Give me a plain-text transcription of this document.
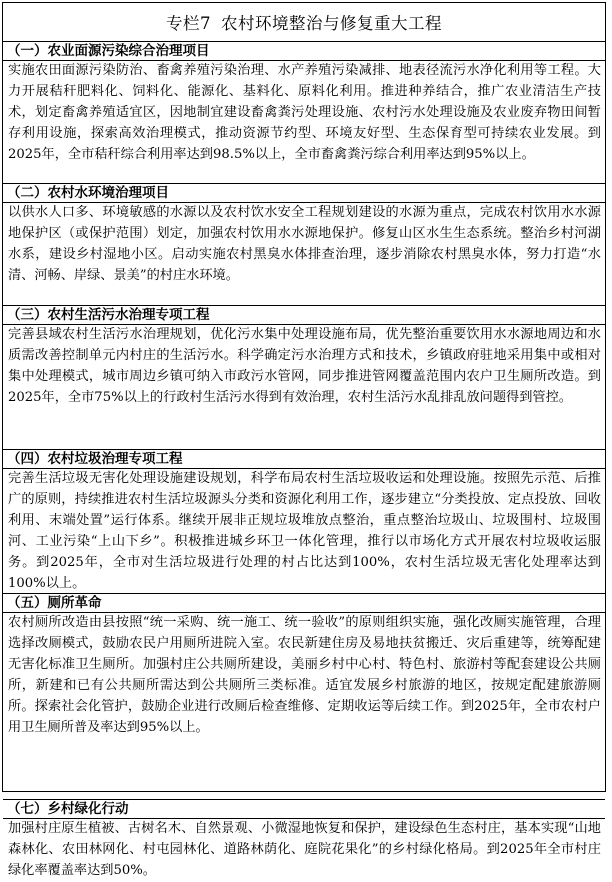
专栏7 农村环境整治与修复重大工程
（一）农业面源污染综合治理项目
实施农田面源污染防治、畜禽养殖污染治理、水产养殖污染减排、地表径流污水净化利用等工程。大力开展秸秆肥料化、饲料化、能源化、基料化、原料化利用。推进种养结合，推广农业清洁生产技术，划定畜禽养殖适宜区，因地制宜建设畜禽粪污处理设施、农村污水处理设施及农业废弃物田间暂存利用设施，探索高效治理模式，推动资源节约型、环境友好型、生态保育型可持续农业发展。到2025年，全市秸秆综合利用率达到98.5%以上，全市畜禽粪污综合利用率达到95%以上。
（二）农村水环境治理项目
以供水人口多、环境敏感的水源以及农村饮水安全工程规划建设的水源为重点，完成农村饮用水水源地保护区（或保护范围）划定，加强农村饮用水水源地保护。修复山区水生生态系统。整治乡村河湖水系，建设乡村湿地小区。启动实施农村黑臭水体排查治理，逐步消除农村黑臭水体，努力打造“水清、河畅、岸绿、景美”的村庄水环境。
（三）农村生活污水治理专项工程
完善县域农村生活污水治理规划，优化污水集中处理设施布局，优先整治重要饮用水水源地周边和水质需改善控制单元内村庄的生活污水。科学确定污水治理方式和技术，乡镇政府驻地采用集中或相对集中处理模式，城市周边乡镇可纳入市政污水管网，同步推进管网覆盖范围内农户卫生厕所改造。到2025年，全市75%以上的行政村生活污水得到有效治理，农村生活污水乱排乱放问题得到管控。
（四）农村垃圾治理专项工程
完善生活垃圾无害化处理设施建设规划，科学布局农村生活垃圾收运和处理设施。按照先示范、后推广的原则，持续推进农村生活垃圾源头分类和资源化利用工作，逐步建立“分类投放、定点投放、回收利用、末端处置”运行体系。继续开展非正规垃圾堆放点整治，重点整治垃圾山、垃圾围村、垃圾围河、工业污染“上山下乡”。积极推进城乡环卫一体化管理，推行以市场化方式开展农村垃圾收运服务。到2025年，全市对生活垃圾进行处理的村占比达到100%，农村生活垃圾无害化处理率达到100%以上。
（五）厕所革命
农村厕所改造由县按照“统一采购、统一施工、统一验收”的原则组织实施，强化改厕实施管理，合理选择改厕模式，鼓励农民户用厕所进院入室。农民新建住房及易地扶贫搬迁、灾后重建等，统筹配建无害化标准卫生厕所。加强村庄公共厕所建设，美丽乡村中心村、特色村、旅游村等配套建设公共厕所，新建和已有公共厕所需达到公共厕所三类标准。适宜发展乡村旅游的地区，按规定配建旅游厕所。探索社会化管护，鼓励企业进行改厕后检查维修、定期收运等后续工作。到2025年，全市农村户用卫生厕所普及率达到95%以上。
（七）乡村绿化行动
加强村庄原生植被、古树名木、自然景观、小微湿地恢复和保护，建设绿色生态村庄，基本实现“山地森林化、农田林网化、村屯园林化、道路林荫化、庭院花果化”的乡村绿化格局。到2025年全市村庄绿化率覆盖率达到50%。
